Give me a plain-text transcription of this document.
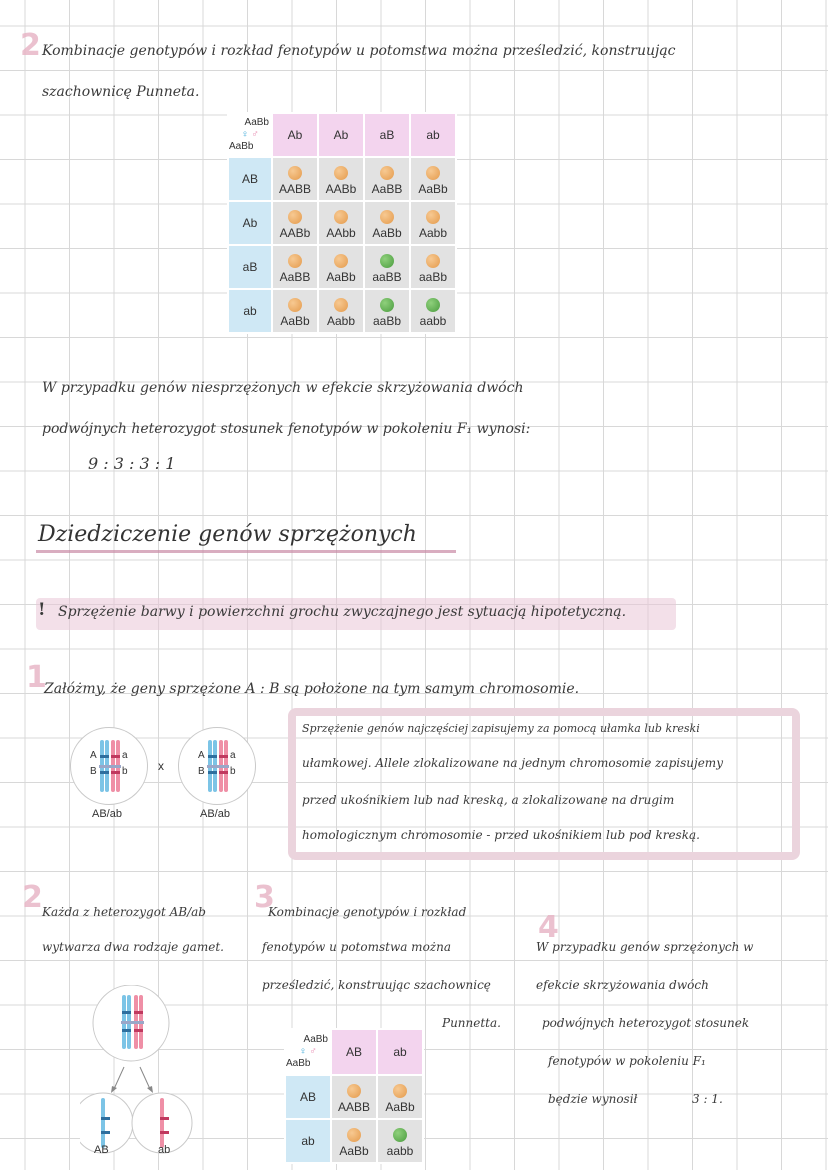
2 Kombinacje genotypów i rozkład fenotypów u potomstwa można prześledzić, konstruując
szachownicę Punneta.
AaBb
♀ ♂
AaBb	Ab	Ab	aB	ab
AB	AABB	AABb	AaBB	AaBb
Ab	AABb	AAbb	AaBb	Aabb
aB	AaBB	AaBb	aaBB	aaBb
ab	AaBb	Aabb	aaBb	aabb
W przypadku genów niesprzężonych w efekcie skrzyżowania dwóch
podwójnych heterozygot stosunek fenotypów w pokoleniu F₁ wynosi:
9 : 3 : 3 : 1
Dziedziczenie genów sprzężonych
! Sprzężenie barwy i powierzchni grochu zwyczajnego jest sytuacją hipotetyczną.
1
Załóżmy, że geny sprzężone A : B są położone na tym samym chromosomie.
A	a
B	b
AB/ab
x
A	a
B	b
AB/ab
Sprzężenie genów najczęściej zapisujemy za pomocą ułamka lub kreski
ułamkowej. Allele zlokalizowane na jednym chromosomie zapisujemy
przed ukośnikiem lub nad kreską, a zlokalizowane na drugim
homologicznym chromosomie - przed ukośnikiem lub pod kreską.
2 Każda z heterozygot AB/ab
wytwarza dwa rodzaje gamet.
AB	ab
3
Kombinacje genotypów i rozkład
fenotypów u potomstwa można
prześledzić, konstruując szachownicę
Punnetta.
AaBb
♀ ♂
AaBb	AB	ab
AB	AABB	AaBb
ab	AaBb	aabb
4
W przypadku genów sprzężonych w
efekcie skrzyżowania dwóch
podwójnych heterozygot stosunek
fenotypów w pokoleniu F₁
będzie wynosił	3 : 1.
